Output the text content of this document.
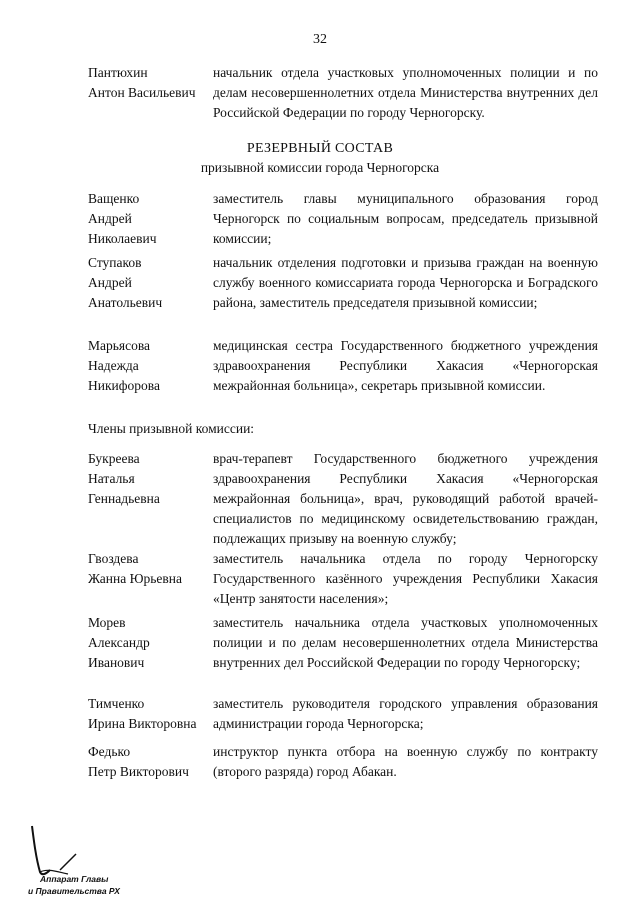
32
Пантюхин
Антон Васильевич
начальник отдела участковых уполномоченных полиции и по делам несовершеннолетних отдела Министерства внутренних дел Российской Федерации по городу Черногорску.
РЕЗЕРВНЫЙ СОСТАВ
призывной комиссии города Черногорска
Ващенко
Андрей
Николаевич
заместитель главы муниципального образования город Черногорск по социальным вопросам, председатель призывной комиссии;
Ступаков
Андрей
Анатольевич
начальник отделения подготовки и призыва граждан на военную службу военного комиссариата города Черногорска и Боградского района, заместитель председателя призывной комиссии;
Марьясова
Надежда
Никифорова
медицинская сестра Государственного бюджетного учреждения здравоохранения Республики Хакасия «Черногорская межрайонная больница», секретарь призывной комиссии.
Члены призывной комиссии:
Букреева
Наталья
Геннадьевна
врач-терапевт Государственного бюджетного учреждения здравоохранения Республики Хакасия «Черногорская межрайонная больница», врач, руководящий работой врачей-специалистов по медицинскому освидетельствованию граждан, подлежащих призыву на военную службу;
Гвоздева
Жанна Юрьевна
заместитель начальника отдела по городу Черногорску Государственного казённого учреждения Республики Хакасия «Центр занятости населения»;
Морев
Александр
Иванович
заместитель начальника отдела участковых уполномоченных полиции и по делам несовершеннолетних отдела Министерства внутренних дел Российской Федерации по городу Черногорску;
Тимченко
Ирина Викторовна
заместитель руководителя городского управления образования администрации города Черногорска;
Федько
Петр Викторович
инструктор пункта отбора на военную службу по контракту (второго разряда) город Абакан.
Аппарат Главы
и Правительства РХ
